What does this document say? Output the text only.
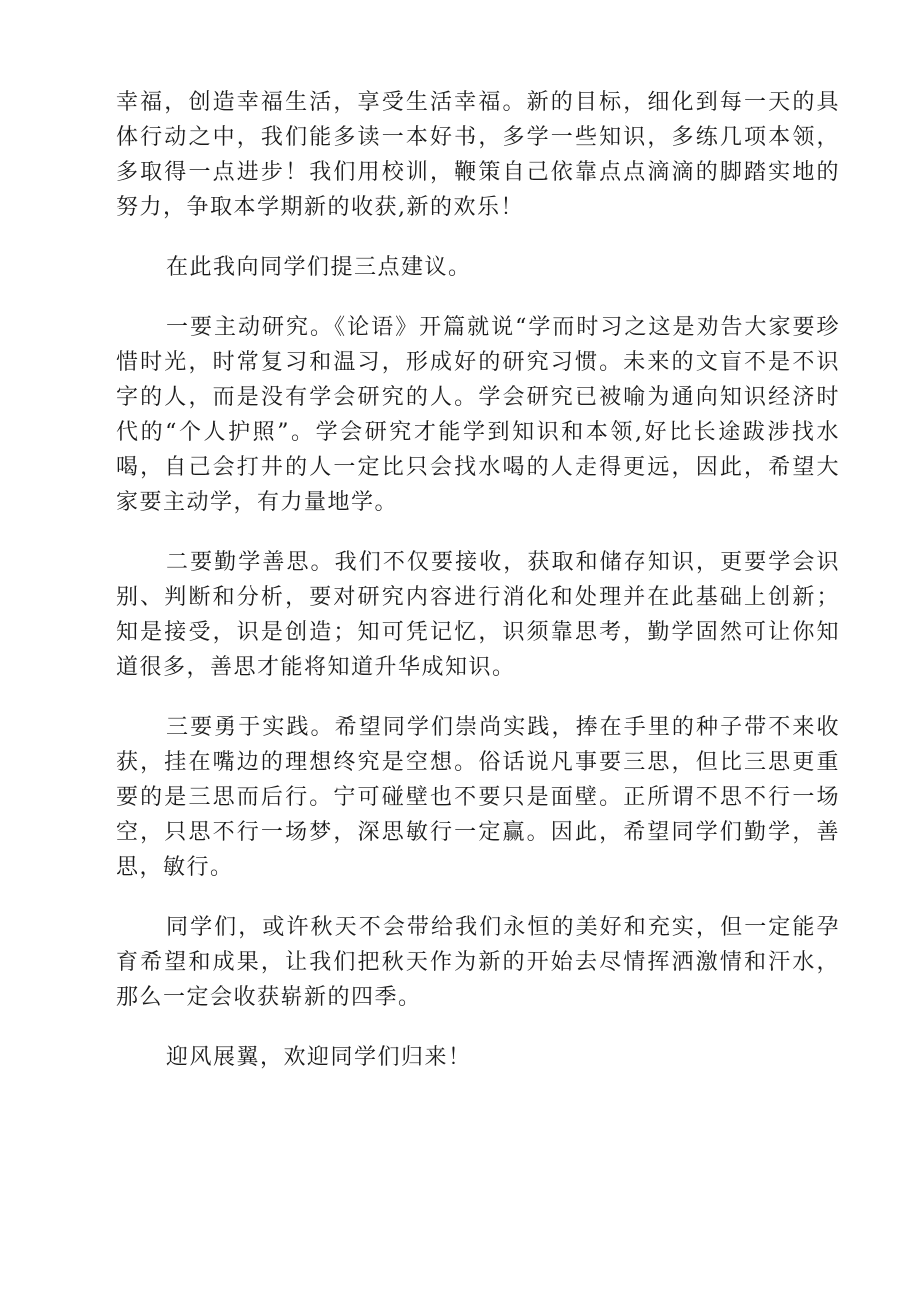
幸福，创造幸福生活，享受生活幸福。新的目标，细化到每一天的具体行动之中，我们能多读一本好书，多学一些知识，多练几项本领，多取得一点进步！我们用校训，鞭策自己依靠点点滴滴的脚踏实地的努力，争取本学期新的收获,新的欢乐！

在此我向同学们提三点建议。

一要主动研究。《论语》开篇就说“学而时习之这是劝告大家要珍惜时光，时常复习和温习，形成好的研究习惯。未来的文盲不是不识字的人，而是没有学会研究的人。学会研究已被喻为通向知识经济时代的“个人护照”。学会研究才能学到知识和本领,好比长途跋涉找水喝，自己会打井的人一定比只会找水喝的人走得更远，因此，希望大家要主动学，有力量地学。

二要勤学善思。我们不仅要接收，获取和储存知识，更要学会识别、判断和分析，要对研究内容进行消化和处理并在此基础上创新；知是接受，识是创造；知可凭记忆，识须靠思考，勤学固然可让你知道很多，善思才能将知道升华成知识。

三要勇于实践。希望同学们崇尚实践，捧在手里的种子带不来收获，挂在嘴边的理想终究是空想。俗话说凡事要三思，但比三思更重要的是三思而后行。宁可碰壁也不要只是面壁。正所谓不思不行一场空，只思不行一场梦，深思敏行一定赢。因此，希望同学们勤学，善思，敏行。

同学们，或许秋天不会带给我们永恒的美好和充实，但一定能孕育希望和成果，让我们把秋天作为新的开始去尽情挥洒激情和汗水，那么一定会收获崭新的四季。

迎风展翼，欢迎同学们归来！
